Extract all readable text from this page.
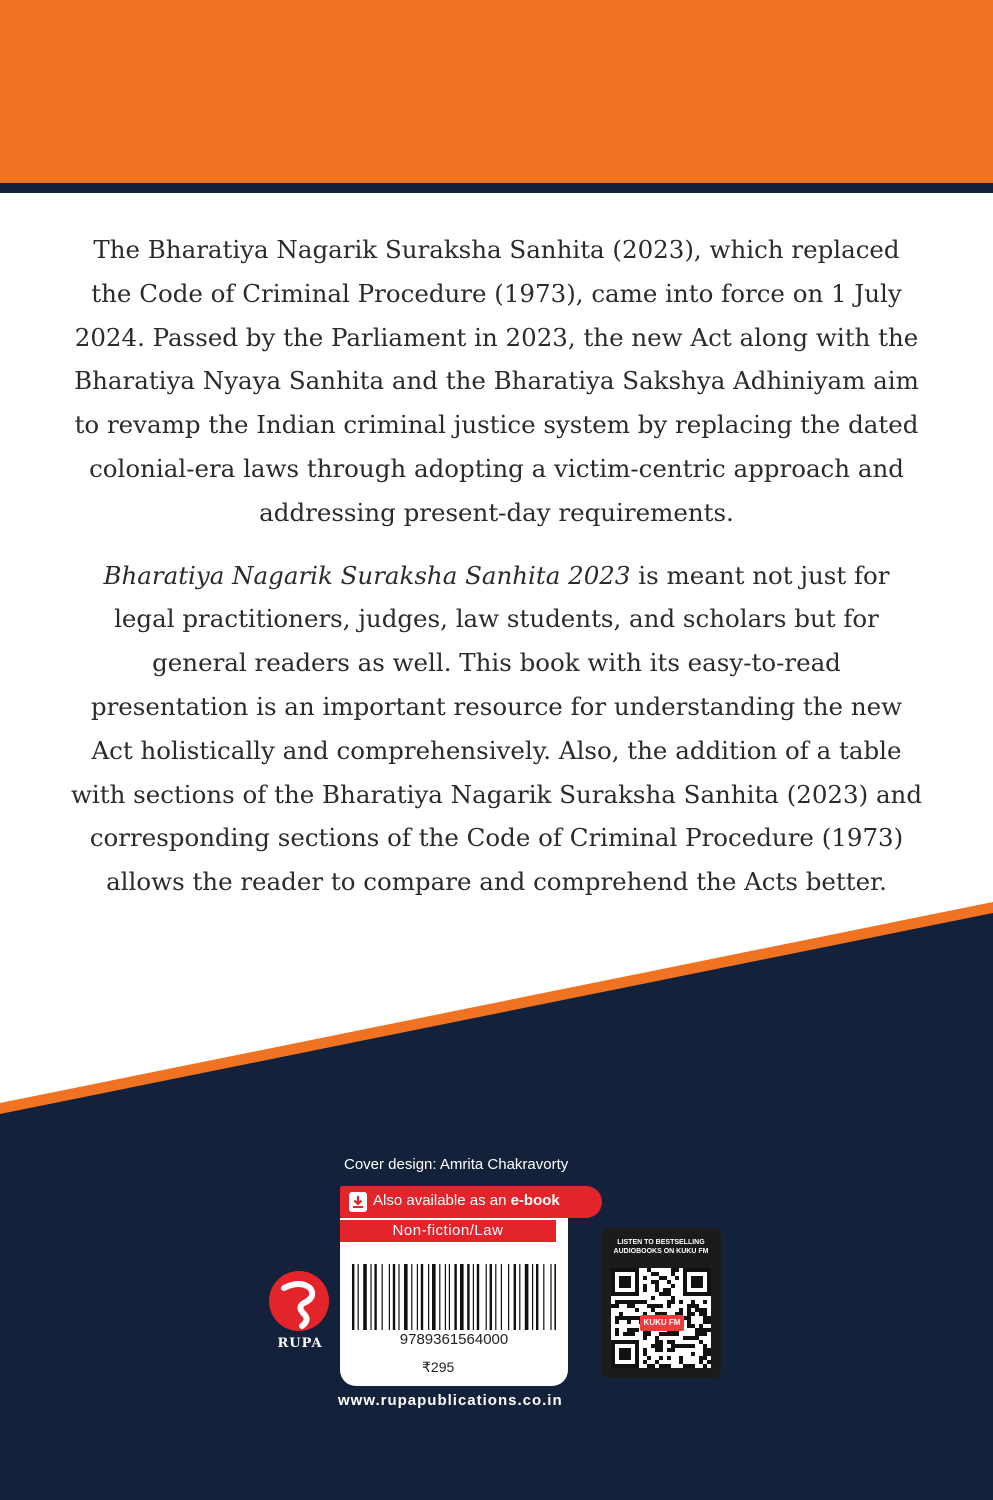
The Bharatiya Nagarik Suraksha Sanhita (2023), which replaced the Code of Criminal Procedure (1973), came into force on 1 July 2024. Passed by the Parliament in 2023, the new Act along with the Bharatiya Nyaya Sanhita and the Bharatiya Sakshya Adhiniyam aim to revamp the Indian criminal justice system by replacing the dated colonial-era laws through adopting a victim-centric approach and addressing present-day requirements.

Bharatiya Nagarik Suraksha Sanhita 2023 is meant not just for legal practitioners, judges, law students, and scholars but for general readers as well. This book with its easy-to-read presentation is an important resource for understanding the new Act holistically and comprehensively. Also, the addition of a table with sections of the Bharatiya Nagarik Suraksha Sanhita (2023) and corresponding sections of the Code of Criminal Procedure (1973) allows the reader to compare and comprehend the Acts better.

Cover design: Amrita Chakravorty
Also available as an e-book
Non-fiction/Law
9789361564000
₹295
www.rupapublications.co.in
RUPA
LISTEN TO BESTSELLING AUDIOBOOKS ON KUKU FM
KUKU FM
